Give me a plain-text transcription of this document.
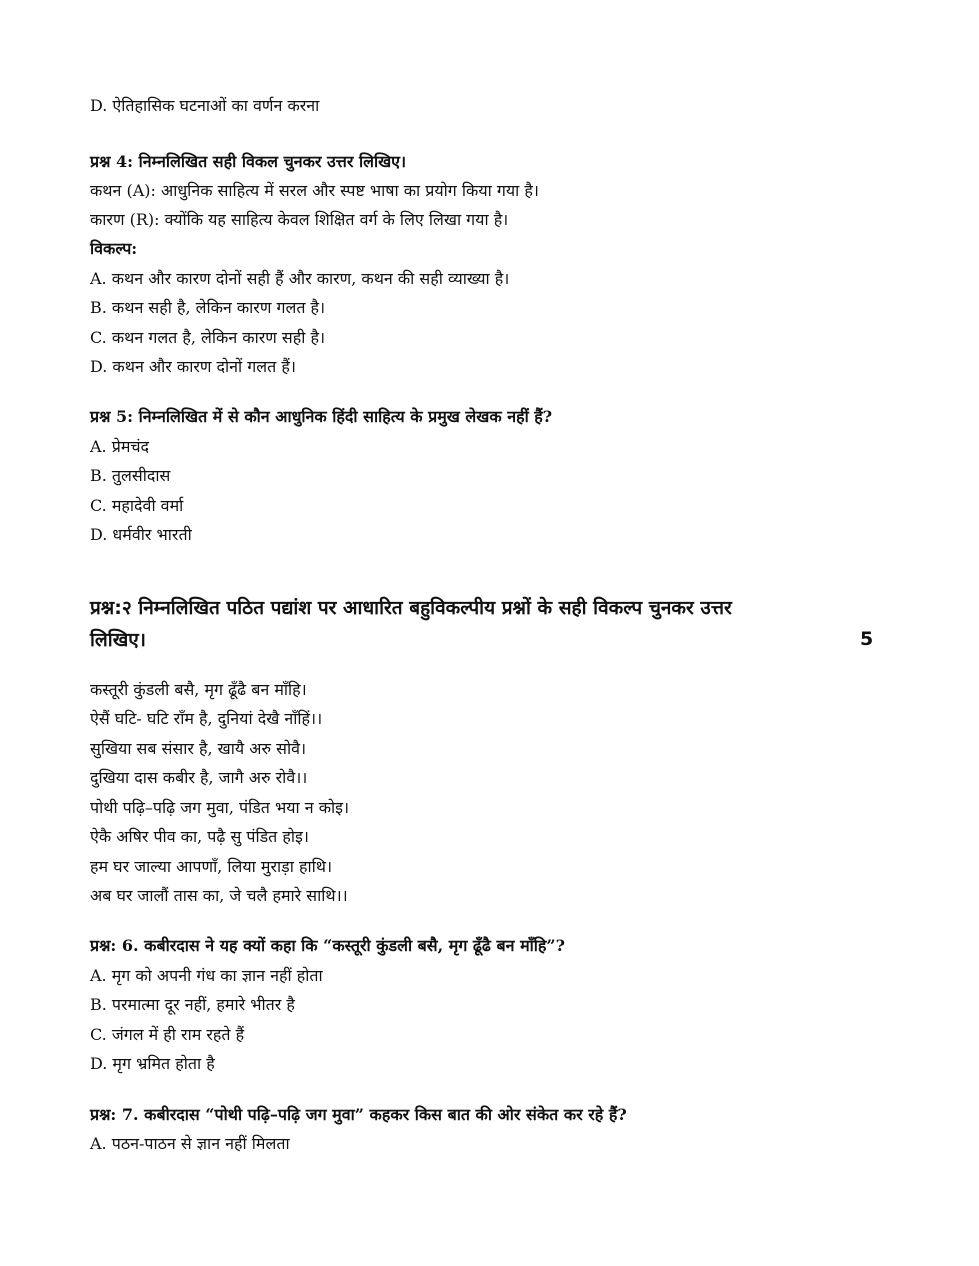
D. ऐतिहासिक घटनाओं का वर्णन करना
प्रश्न 4: निम्नलिखित सही विकल चुनकर उत्तर लिखिए।
कथन (A): आधुनिक साहित्य में सरल और स्पष्ट भाषा का प्रयोग किया गया है।
कारण (R): क्योंकि यह साहित्य केवल शिक्षित वर्ग के लिए लिखा गया है।
विकल्प:
A. कथन और कारण दोनों सही हैं और कारण, कथन की सही व्याख्या है।
B. कथन सही है, लेकिन कारण गलत है।
C. कथन गलत है, लेकिन कारण सही है।
D. कथन और कारण दोनों गलत हैं।
प्रश्न 5: निम्नलिखित में से कौन आधुनिक हिंदी साहित्य के प्रमुख लेखक नहीं हैं?
A. प्रेमचंद
B. तुलसीदास
C. महादेवी वर्मा
D. धर्मवीर भारती
प्रश्न:२ निम्नलिखित पठित पद्यांश पर आधारित बहुविकल्पीय प्रश्नों के सही विकल्प चुनकर उत्तर
लिखिए।	5
कस्तूरी कुंडली बसै, मृग ढूँढै बन माँहि।
ऐसैं घटि- घटि राँम है, दुनियां देखै नाँहिं।।
सुखिया सब संसार है, खायै अरु सोवै।
दुखिया दास कबीर है, जागै अरु रोवै।।
पोथी पढ़ि–पढ़ि जग मुवा, पंडित भया न कोइ।
ऐकै अषिर पीव का, पढ़ै सु पंडित होइ।
हम घर जाल्या आपणाँ, लिया मुराड़ा हाथि।
अब घर जालौं तास का, जे चलै हमारे साथि।।
प्रश्न: 6. कबीरदास ने यह क्यों कहा कि “कस्तूरी कुंडली बसै, मृग ढूँढै बन माँहि”?
A. मृग को अपनी गंध का ज्ञान नहीं होता
B. परमात्मा दूर नहीं, हमारे भीतर है
C. जंगल में ही राम रहते हैं
D. मृग भ्रमित होता है
प्रश्न: 7. कबीरदास “पोथी पढ़ि–पढ़ि जग मुवा” कहकर किस बात की ओर संकेत कर रहे हैं?
A. पठन-पाठन से ज्ञान नहीं मिलता
